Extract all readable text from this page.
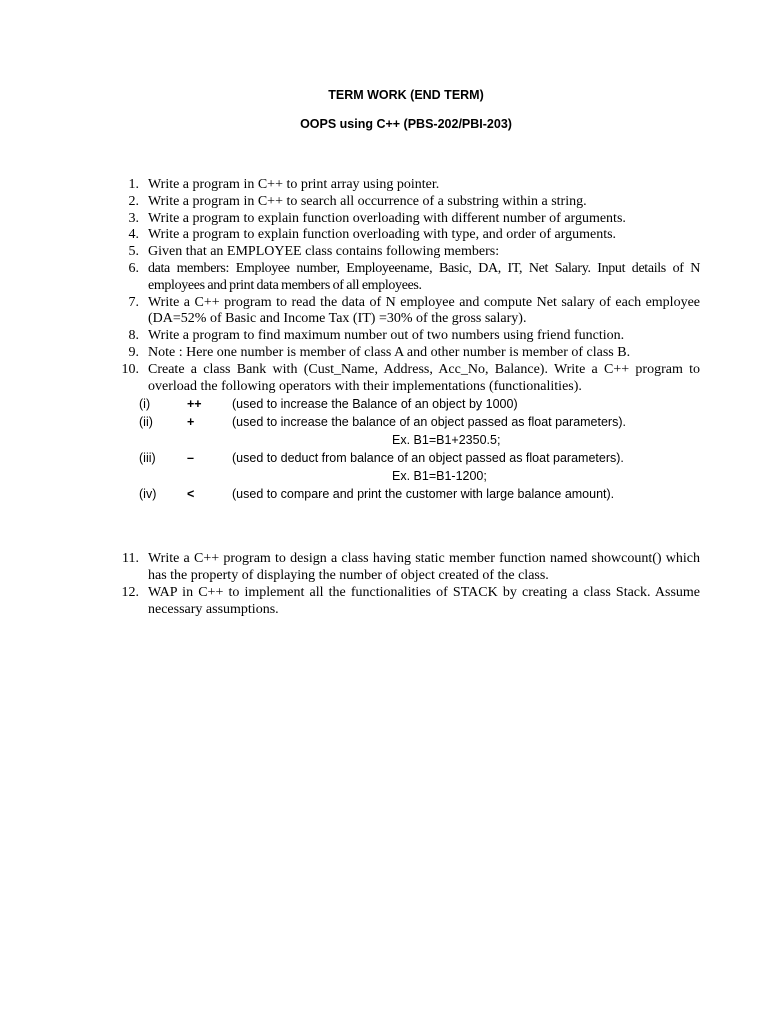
TERM WORK (END TERM)
OOPS using C++ (PBS-202/PBI-203)
1. Write a program in C++ to print array using pointer.
2. Write a program in C++ to search all occurrence of a substring within a string.
3. Write a program to explain function overloading with different number of arguments.
4. Write a program to explain function overloading with type, and order of arguments.
5. Given that an EMPLOYEE class contains following members:
6. data members: Employee number, Employeename, Basic, DA, IT, Net Salary. Input details of N employees and print data members of all employees.
7. Write a C++ program to read the data of N employee and compute Net salary of each employee (DA=52% of Basic and Income Tax (IT) =30% of the gross salary).
8. Write a program to find maximum number out of two numbers using friend function.
9. Note : Here one number is member of class A and other number is member of class B.
10. Create a class Bank with (Cust_Name, Address, Acc_No, Balance). Write a C++ program to overload the following operators with their implementations (functionalities).
(i)	++	(used to increase the Balance of an object by 1000)
(ii)	+	(used to increase the balance of an object passed as float parameters).
Ex. B1=B1+2350.5;
(iii)	–	(used to deduct from balance of an object passed as float parameters).
Ex. B1=B1-1200;
(iv)	<	(used to compare and print the customer with large balance amount).
11. Write a C++ program to design a class having static member function named showcount() which has the property of displaying the number of object created of the class.
12. WAP in C++ to implement all the functionalities of STACK by creating a class Stack. Assume necessary assumptions.
